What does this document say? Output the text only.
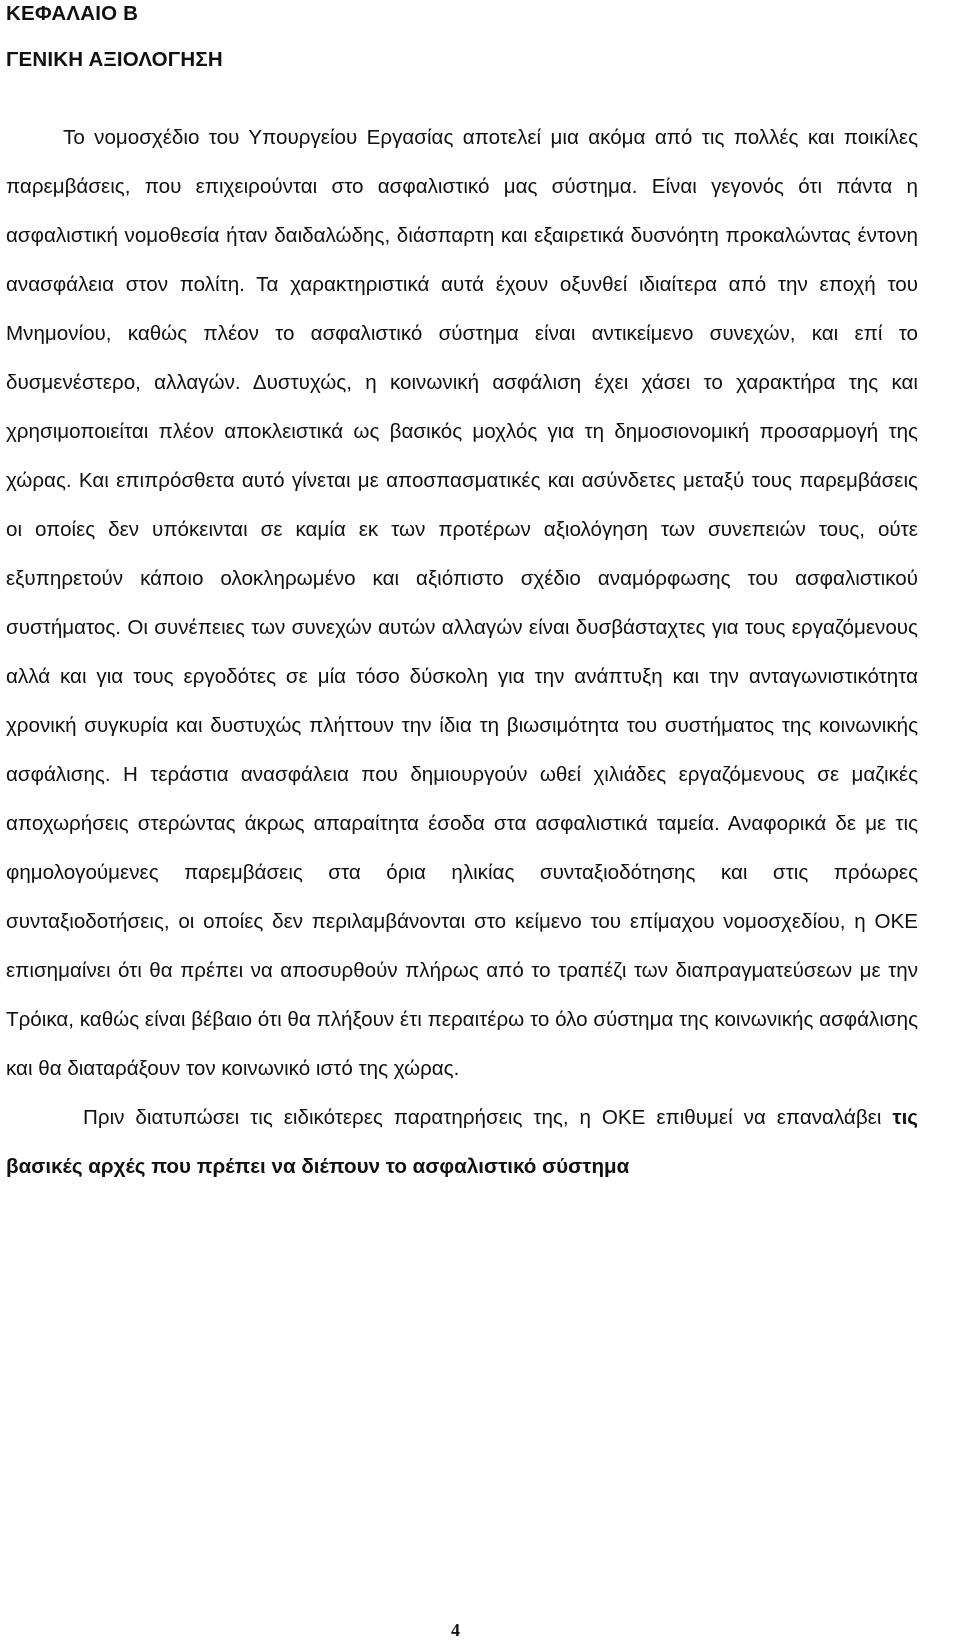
ΚΕΦΑΛΑΙΟ Β
ΓΕΝΙΚΗ ΑΞΙΟΛΟΓΗΣΗ

Το νομοσχέδιο του Υπουργείου Εργασίας αποτελεί μια ακόμα από τις πολλές και ποικίλες παρεμβάσεις, που επιχειρούνται στο ασφαλιστικό μας σύστημα. Είναι γεγονός ότι πάντα η ασφαλιστική νομοθεσία ήταν δαιδαλώδης, διάσπαρτη και εξαιρετικά δυσνόητη προκαλώντας έντονη ανασφάλεια στον πολίτη. Τα χαρακτηριστικά αυτά έχουν οξυνθεί ιδιαίτερα από την εποχή του Μνημονίου, καθώς πλέον το ασφαλιστικό σύστημα είναι αντικείμενο συνεχών, και επί το δυσμενέστερο, αλλαγών. Δυστυχώς, η κοινωνική ασφάλιση έχει χάσει το χαρακτήρα της και χρησιμοποιείται πλέον αποκλειστικά ως βασικός μοχλός για τη δημοσιονομική προσαρμογή της χώρας. Και επιπρόσθετα αυτό γίνεται με αποσπασματικές και ασύνδετες μεταξύ τους παρεμβάσεις οι οποίες δεν υπόκεινται σε καμία εκ των προτέρων αξιολόγηση των συνεπειών τους, ούτε εξυπηρετούν κάποιο ολοκληρωμένο και αξιόπιστο σχέδιο αναμόρφωσης του ασφαλιστικού συστήματος. Οι συνέπειες των συνεχών αυτών αλλαγών είναι δυσβάσταχτες για τους εργαζόμενους αλλά και για τους εργοδότες σε μία τόσο δύσκολη για την ανάπτυξη και την ανταγωνιστικότητα χρονική συγκυρία και δυστυχώς πλήττουν την ίδια τη βιωσιμότητα του συστήματος της κοινωνικής ασφάλισης. Η τεράστια ανασφάλεια που δημιουργούν ωθεί χιλιάδες εργαζόμενους σε μαζικές αποχωρήσεις στερώντας άκρως απαραίτητα έσοδα στα ασφαλιστικά ταμεία. Αναφορικά δε με τις φημολογούμενες παρεμβάσεις στα όρια ηλικίας συνταξιοδότησης και στις πρόωρες συνταξιοδοτήσεις, οι οποίες δεν περιλαμβάνονται στο κείμενο του επίμαχου νομοσχεδίου, η ΟΚΕ επισημαίνει ότι θα πρέπει να αποσυρθούν πλήρως από το τραπέζι των διαπραγματεύσεων με την Τρόικα, καθώς είναι βέβαιο ότι θα πλήξουν έτι περαιτέρω το όλο σύστημα της κοινωνικής ασφάλισης και θα διαταράξουν τον κοινωνικό ιστό της χώρας.

Πριν διατυπώσει τις ειδικότερες παρατηρήσεις της, η ΟΚΕ επιθυμεί να επαναλάβει τις βασικές αρχές που πρέπει να διέπουν το ασφαλιστικό σύστημα

4
